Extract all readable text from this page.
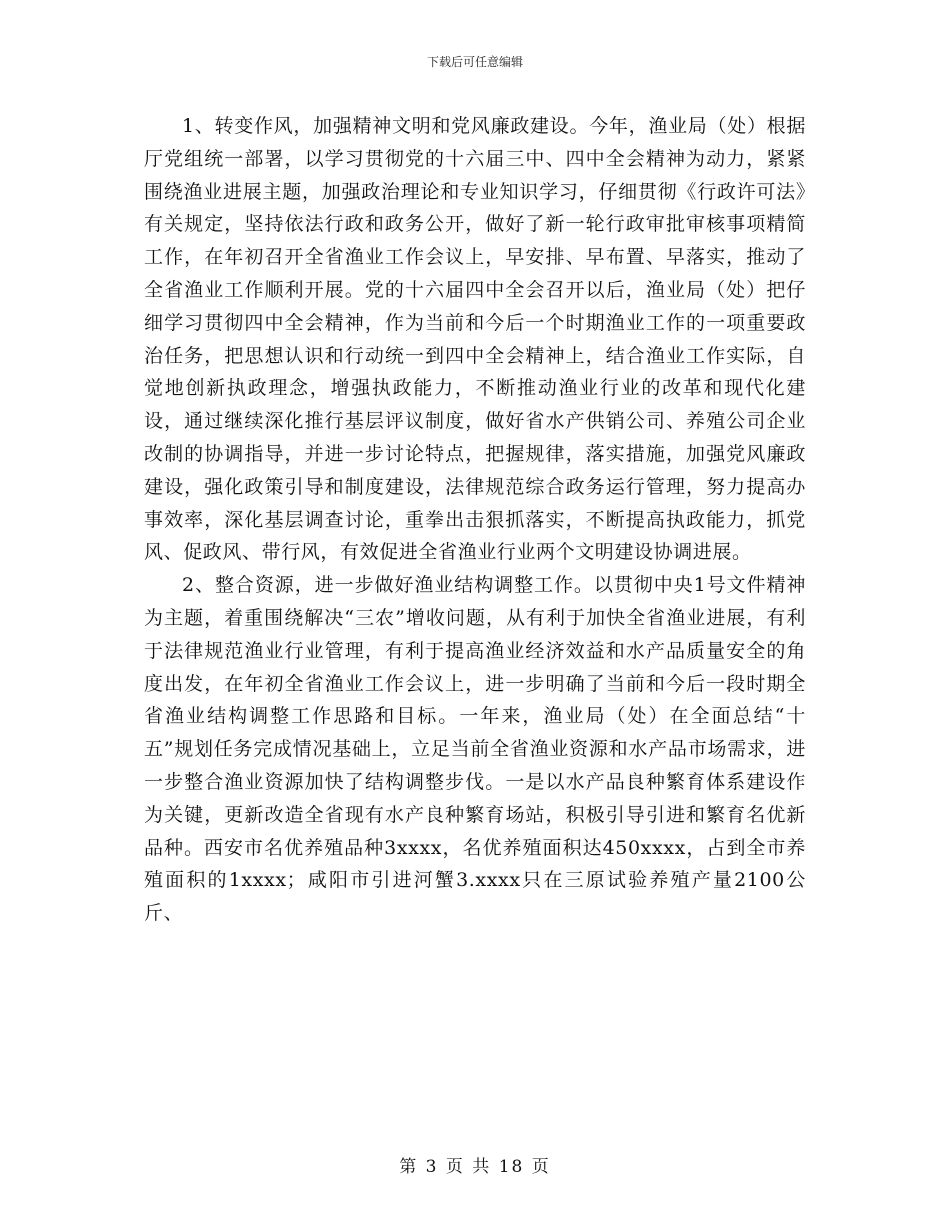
下载后可任意编辑

1、转变作风，加强精神文明和党风廉政建设。今年，渔业局（处）根据厅党组统一部署，以学习贯彻党的十六届三中、四中全会精神为动力，紧紧围绕渔业进展主题，加强政治理论和专业知识学习，仔细贯彻《行政许可法》有关规定，坚持依法行政和政务公开，做好了新一轮行政审批审核事项精简工作，在年初召开全省渔业工作会议上，早安排、早布置、早落实，推动了全省渔业工作顺利开展。党的十六届四中全会召开以后，渔业局（处）把仔细学习贯彻四中全会精神，作为当前和今后一个时期渔业工作的一项重要政治任务，把思想认识和行动统一到四中全会精神上，结合渔业工作实际，自觉地创新执政理念，增强执政能力，不断推动渔业行业的改革和现代化建设，通过继续深化推行基层评议制度，做好省水产供销公司、养殖公司企业改制的协调指导，并进一步讨论特点，把握规律，落实措施，加强党风廉政建设，强化政策引导和制度建设，法律规范综合政务运行管理，努力提高办事效率，深化基层调查讨论，重拳出击狠抓落实，不断提高执政能力，抓党风、促政风、带行风，有效促进全省渔业行业两个文明建设协调进展。

2、整合资源，进一步做好渔业结构调整工作。以贯彻中央1号文件精神为主题，着重围绕解决“三农”增收问题，从有利于加快全省渔业进展，有利于法律规范渔业行业管理，有利于提高渔业经济效益和水产品质量安全的角度出发，在年初全省渔业工作会议上，进一步明确了当前和今后一段时期全省渔业结构调整工作思路和目标。一年来，渔业局（处）在全面总结“十五”规划任务完成情况基础上，立足当前全省渔业资源和水产品市场需求，进一步整合渔业资源加快了结构调整步伐。一是以水产品良种繁育体系建设作为关键，更新改造全省现有水产良种繁育场站，积极引导引进和繁育名优新品种。西安市名优养殖品种3xxxx，名优养殖面积达450xxxx，占到全市养殖面积的1xxxx；咸阳市引进河蟹3.xxxx只在三原试验养殖产量2100公斤、

第 3 页 共 18 页
